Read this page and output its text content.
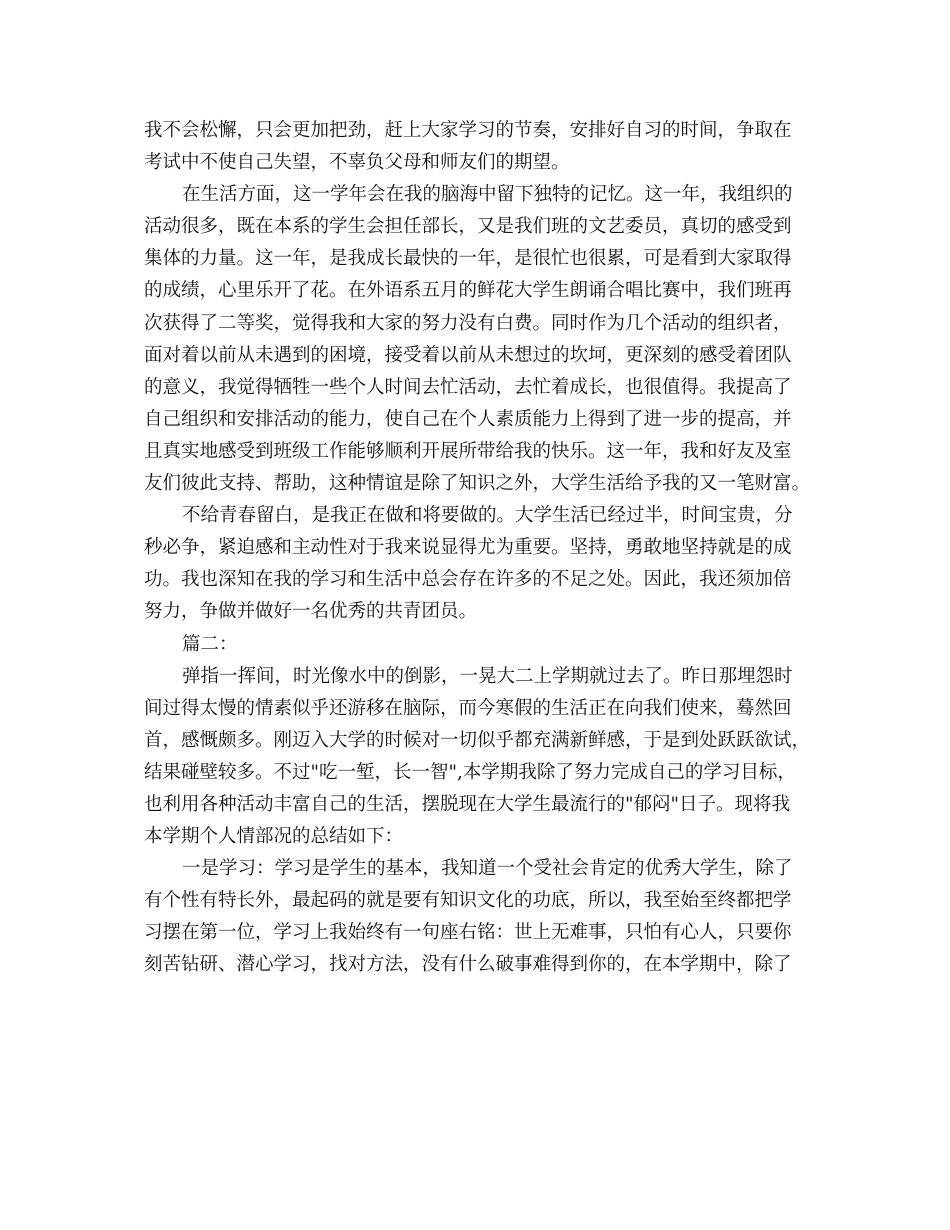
我不会松懈，只会更加把劲，赶上大家学习的节奏，安排好自习的时间，争取在
考试中不使自己失望，不辜负父母和师友们的期望。
在生活方面，这一学年会在我的脑海中留下独特的记忆。这一年，我组织的
活动很多，既在本系的学生会担任部长，又是我们班的文艺委员，真切的感受到
集体的力量。这一年，是我成长最快的一年，是很忙也很累，可是看到大家取得
的成绩，心里乐开了花。在外语系五月的鲜花大学生朗诵合唱比赛中，我们班再
次获得了二等奖，觉得我和大家的努力没有白费。同时作为几个活动的组织者，
面对着以前从未遇到的困境，接受着以前从未想过的坎坷，更深刻的感受着团队
的意义，我觉得牺牲一些个人时间去忙活动，去忙着成长，也很值得。我提高了
自己组织和安排活动的能力，使自己在个人素质能力上得到了进一步的提高，并
且真实地感受到班级工作能够顺利开展所带给我的快乐。这一年，我和好友及室
友们彼此支持、帮助，这种情谊是除了知识之外，大学生活给予我的又一笔财富。
不给青春留白，是我正在做和将要做的。大学生活已经过半，时间宝贵，分
秒必争，紧迫感和主动性对于我来说显得尤为重要。坚持，勇敢地坚持就是的成
功。我也深知在我的学习和生活中总会存在许多的不足之处。因此，我还须加倍
努力，争做并做好一名优秀的共青团员。
篇二：
弹指一挥间，时光像水中的倒影，一晃大二上学期就过去了。昨日那埋怨时
间过得太慢的情素似乎还游移在脑际，而今寒假的生活正在向我们使来，蓦然回
首，感慨颇多。刚迈入大学的时候对一切似乎都充满新鲜感，于是到处跃跃欲试，
结果碰壁较多。不过"吃一堑，长一智",本学期我除了努力完成自己的学习目标，
也利用各种活动丰富自己的生活，摆脱现在大学生最流行的"郁闷"日子。现将我
本学期个人情部况的总结如下：
一是学习：学习是学生的基本，我知道一个受社会肯定的优秀大学生，除了
有个性有特长外，最起码的就是要有知识文化的功底，所以，我至始至终都把学
习摆在第一位，学习上我始终有一句座右铭：世上无难事，只怕有心人，只要你
刻苦钻研、潜心学习，找对方法，没有什么破事难得到你的，在本学期中，除了
